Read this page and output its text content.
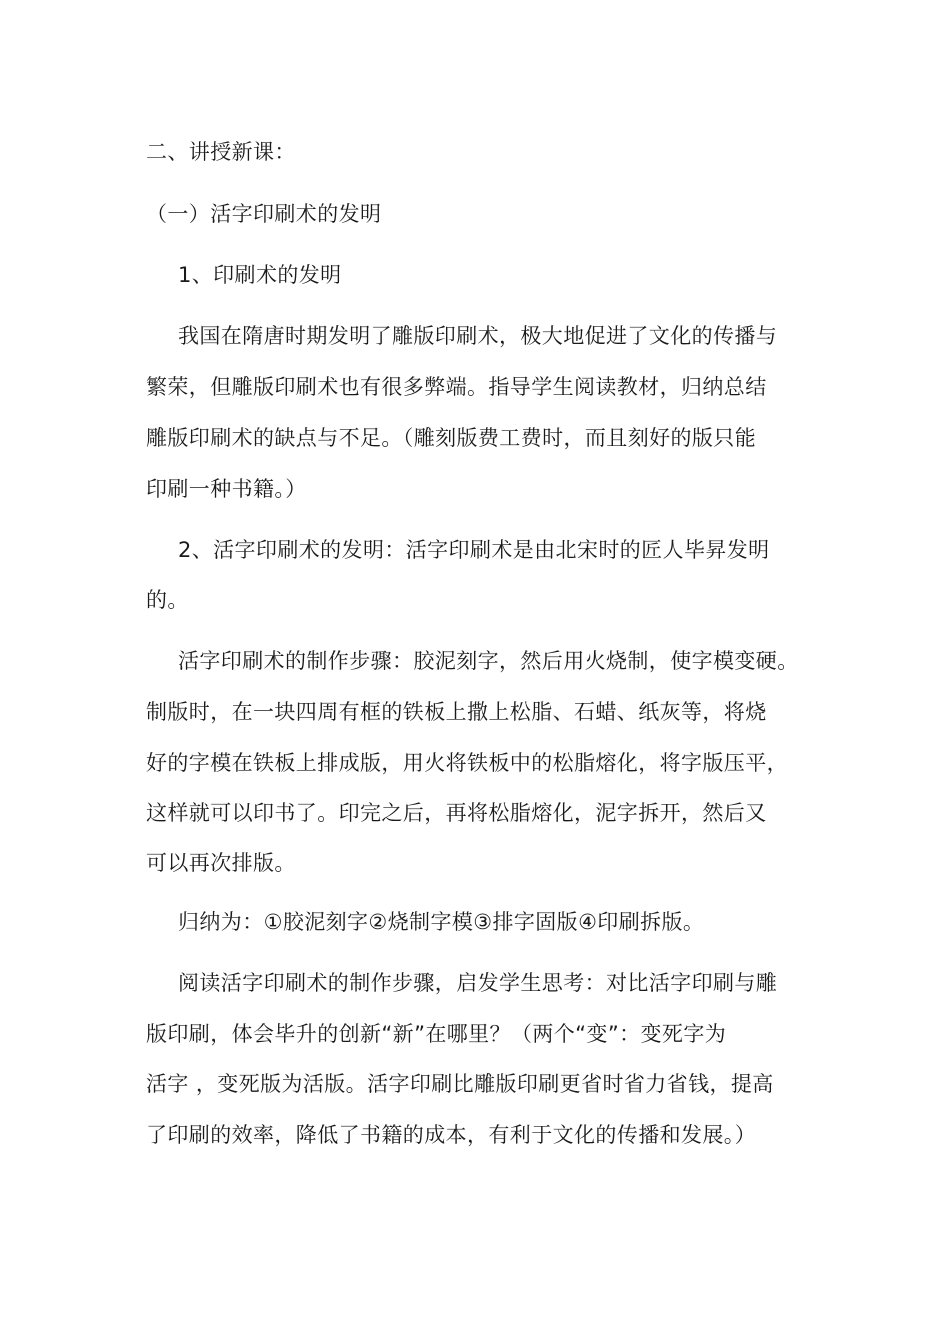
二、讲授新课：
（一）活字印刷术的发明
1、印刷术的发明
我国在隋唐时期发明了雕版印刷术，极大地促进了文化的传播与
繁荣，但雕版印刷术也有很多弊端。指导学生阅读教材，归纳总结
雕版印刷术的缺点与不足。（雕刻版费工费时，而且刻好的版只能
印刷一种书籍。）
2、活字印刷术的发明：活字印刷术是由北宋时的匠人毕昇发明
的。
活字印刷术的制作步骤：胶泥刻字，然后用火烧制，使字模变硬。
制版时，在一块四周有框的铁板上撒上松脂、石蜡、纸灰等，将烧
好的字模在铁板上排成版，用火将铁板中的松脂熔化，将字版压平，
这样就可以印书了。印完之后，再将松脂熔化，泥字拆开，然后又
可以再次排版。
归纳为：①胶泥刻字②烧制字模③排字固版④印刷拆版。
阅读活字印刷术的制作步骤，启发学生思考：对比活字印刷与雕
版印刷，体会毕升的创新“新”在哪里？（两个“变”：变死字为
活字 ，变死版为活版。活字印刷比雕版印刷更省时省力省钱，提高
了印刷的效率，降低了书籍的成本，有利于文化的传播和发展。）
